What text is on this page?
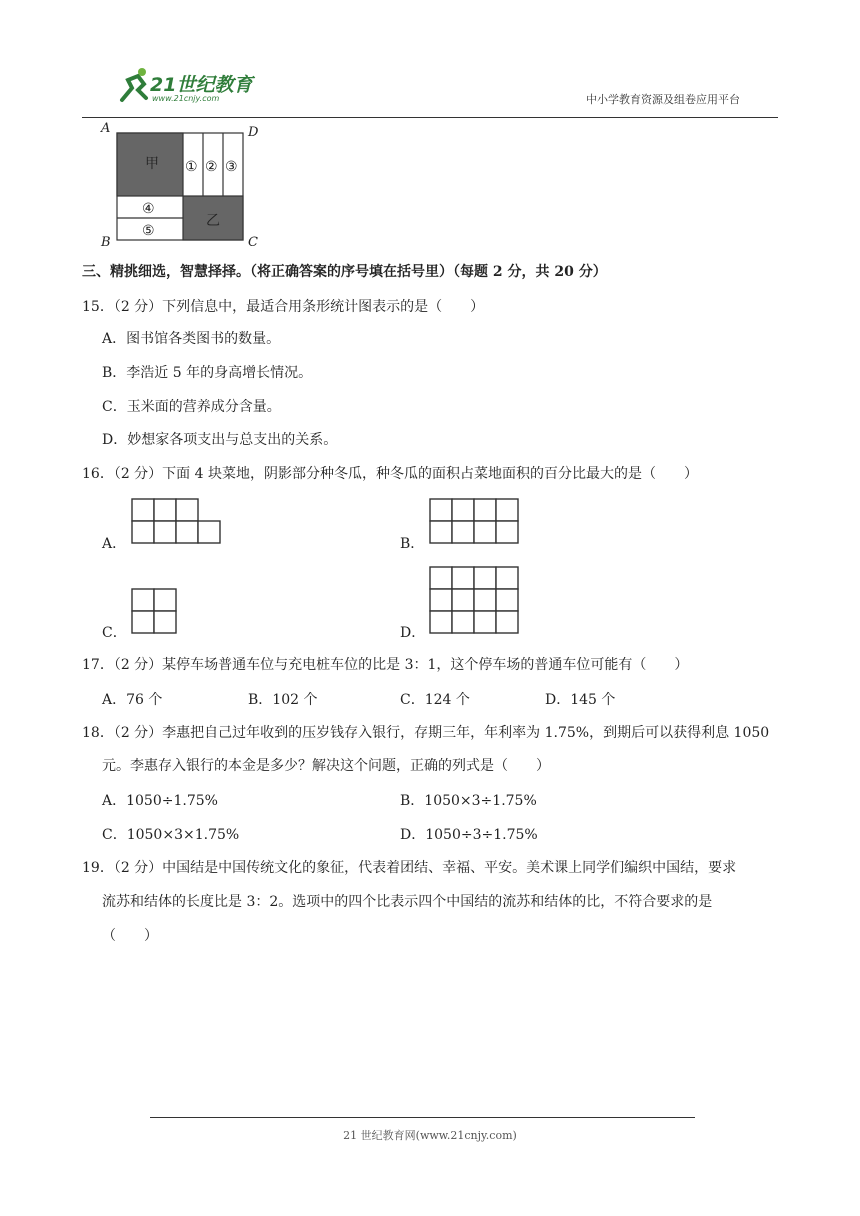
21世纪教育
www.21cnjy.com	中小学教育资源及组卷应用平台
A	D
B	C
甲
乙
① ② ③
④
⑤
三、精挑细选，智慧择择。（将正确答案的序号填在括号里）（每题 2 分，共 20 分）
15．（2 分）下列信息中，最适合用条形统计图表示的是（　　）
A．图书馆各类图书的数量。
B．李浩近 5 年的身高增长情况。
C．玉米面的营养成分含量。
D．妙想家各项支出与总支出的关系。
16．（2 分）下面 4 块菜地，阴影部分种冬瓜，种冬瓜的面积占菜地面积的百分比最大的是（　　）
A．	B．
C．	D．
17．（2 分）某停车场普通车位与充电桩车位的比是 3：1，这个停车场的普通车位可能有（　　）
A．76 个	B．102 个	C．124 个	D．145 个
18．（2 分）李惠把自己过年收到的压岁钱存入银行，存期三年，年利率为 1.75%，到期后可以获得利息 1050
元。李惠存入银行的本金是多少？解决这个问题，正确的列式是（　　）
A．1050÷1.75%	B．1050×3÷1.75%
C．1050×3×1.75%	D．1050÷3÷1.75%
19．（2 分）中国结是中国传统文化的象征，代表着团结、幸福、平安。美术课上同学们编织中国结，要求
流苏和结体的长度比是 3：2。选项中的四个比表示四个中国结的流苏和结体的比，不符合要求的是
（　　）
21 世纪教育网(www.21cnjy.com)
